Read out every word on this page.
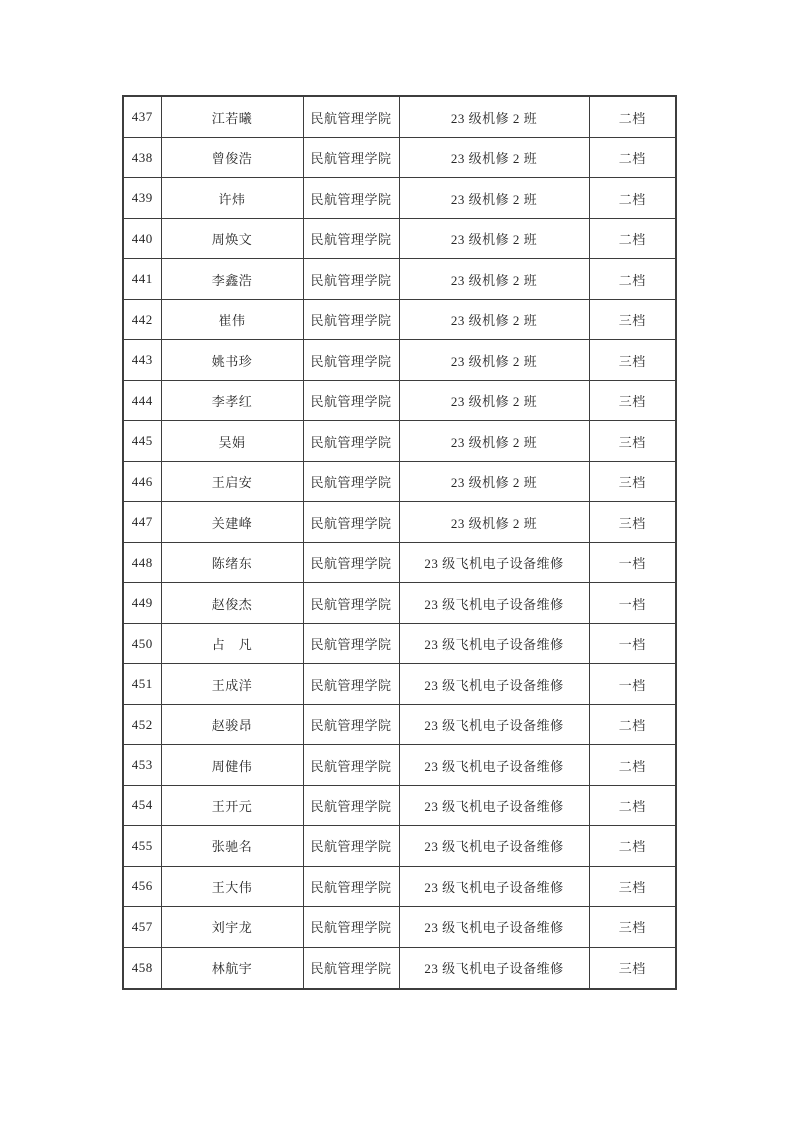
437	江若曦	民航管理学院	23 级机修 2 班	二档
438	曾俊浩	民航管理学院	23 级机修 2 班	二档
439	许炜	民航管理学院	23 级机修 2 班	二档
440	周焕文	民航管理学院	23 级机修 2 班	二档
441	李鑫浩	民航管理学院	23 级机修 2 班	二档
442	崔伟	民航管理学院	23 级机修 2 班	三档
443	姚书珍	民航管理学院	23 级机修 2 班	三档
444	李孝红	民航管理学院	23 级机修 2 班	三档
445	吴娟	民航管理学院	23 级机修 2 班	三档
446	王启安	民航管理学院	23 级机修 2 班	三档
447	关建峰	民航管理学院	23 级机修 2 班	三档
448	陈绪东	民航管理学院	23 级飞机电子设备维修	一档
449	赵俊杰	民航管理学院	23 级飞机电子设备维修	一档
450	占　凡	民航管理学院	23 级飞机电子设备维修	一档
451	王成洋	民航管理学院	23 级飞机电子设备维修	一档
452	赵骏昂	民航管理学院	23 级飞机电子设备维修	二档
453	周健伟	民航管理学院	23 级飞机电子设备维修	二档
454	王开元	民航管理学院	23 级飞机电子设备维修	二档
455	张驰名	民航管理学院	23 级飞机电子设备维修	二档
456	王大伟	民航管理学院	23 级飞机电子设备维修	三档
457	刘宇龙	民航管理学院	23 级飞机电子设备维修	三档
458	林航宇	民航管理学院	23 级飞机电子设备维修	三档
